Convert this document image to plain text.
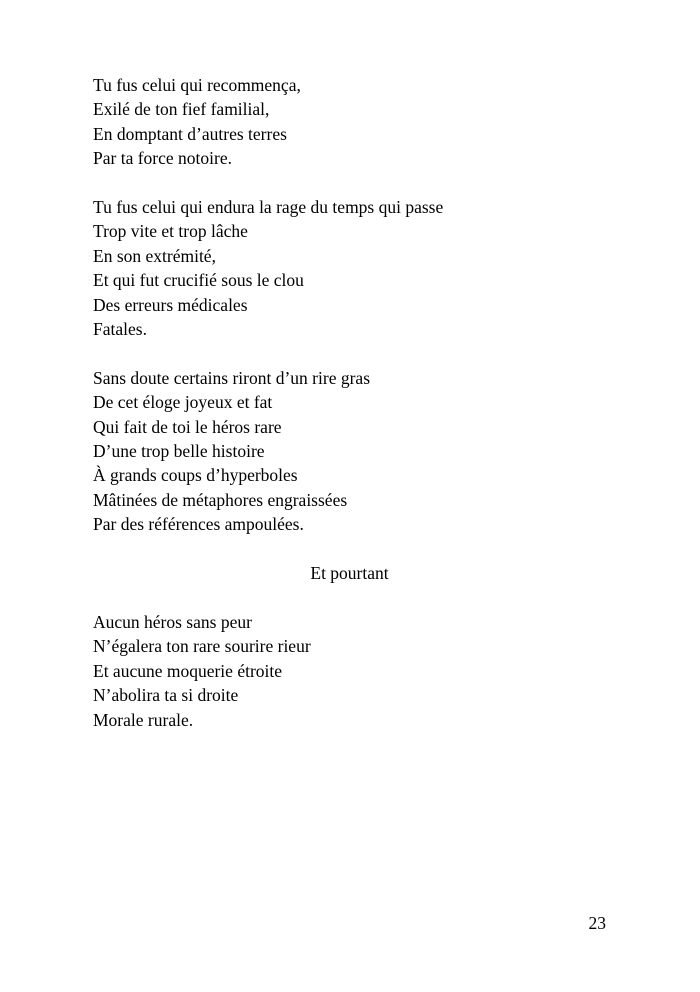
Tu fus celui qui recommença,
Exilé de ton fief familial,
En domptant d’autres terres
Par ta force notoire.
Tu fus celui qui endura la rage du temps qui passe
Trop vite et trop lâche
En son extrémité,
Et qui fut crucifié sous le clou
Des erreurs médicales
Fatales.
Sans doute certains riront d’un rire gras
De cet éloge joyeux et fat
Qui fait de toi le héros rare
D’une trop belle histoire
À grands coups d’hyperboles
Mâtinées de métaphores engraissées
Par des références ampoulées.
Et pourtant
Aucun héros sans peur
N’égalera ton rare sourire rieur
Et aucune moquerie étroite
N’abolira ta si droite
Morale rurale.
23
